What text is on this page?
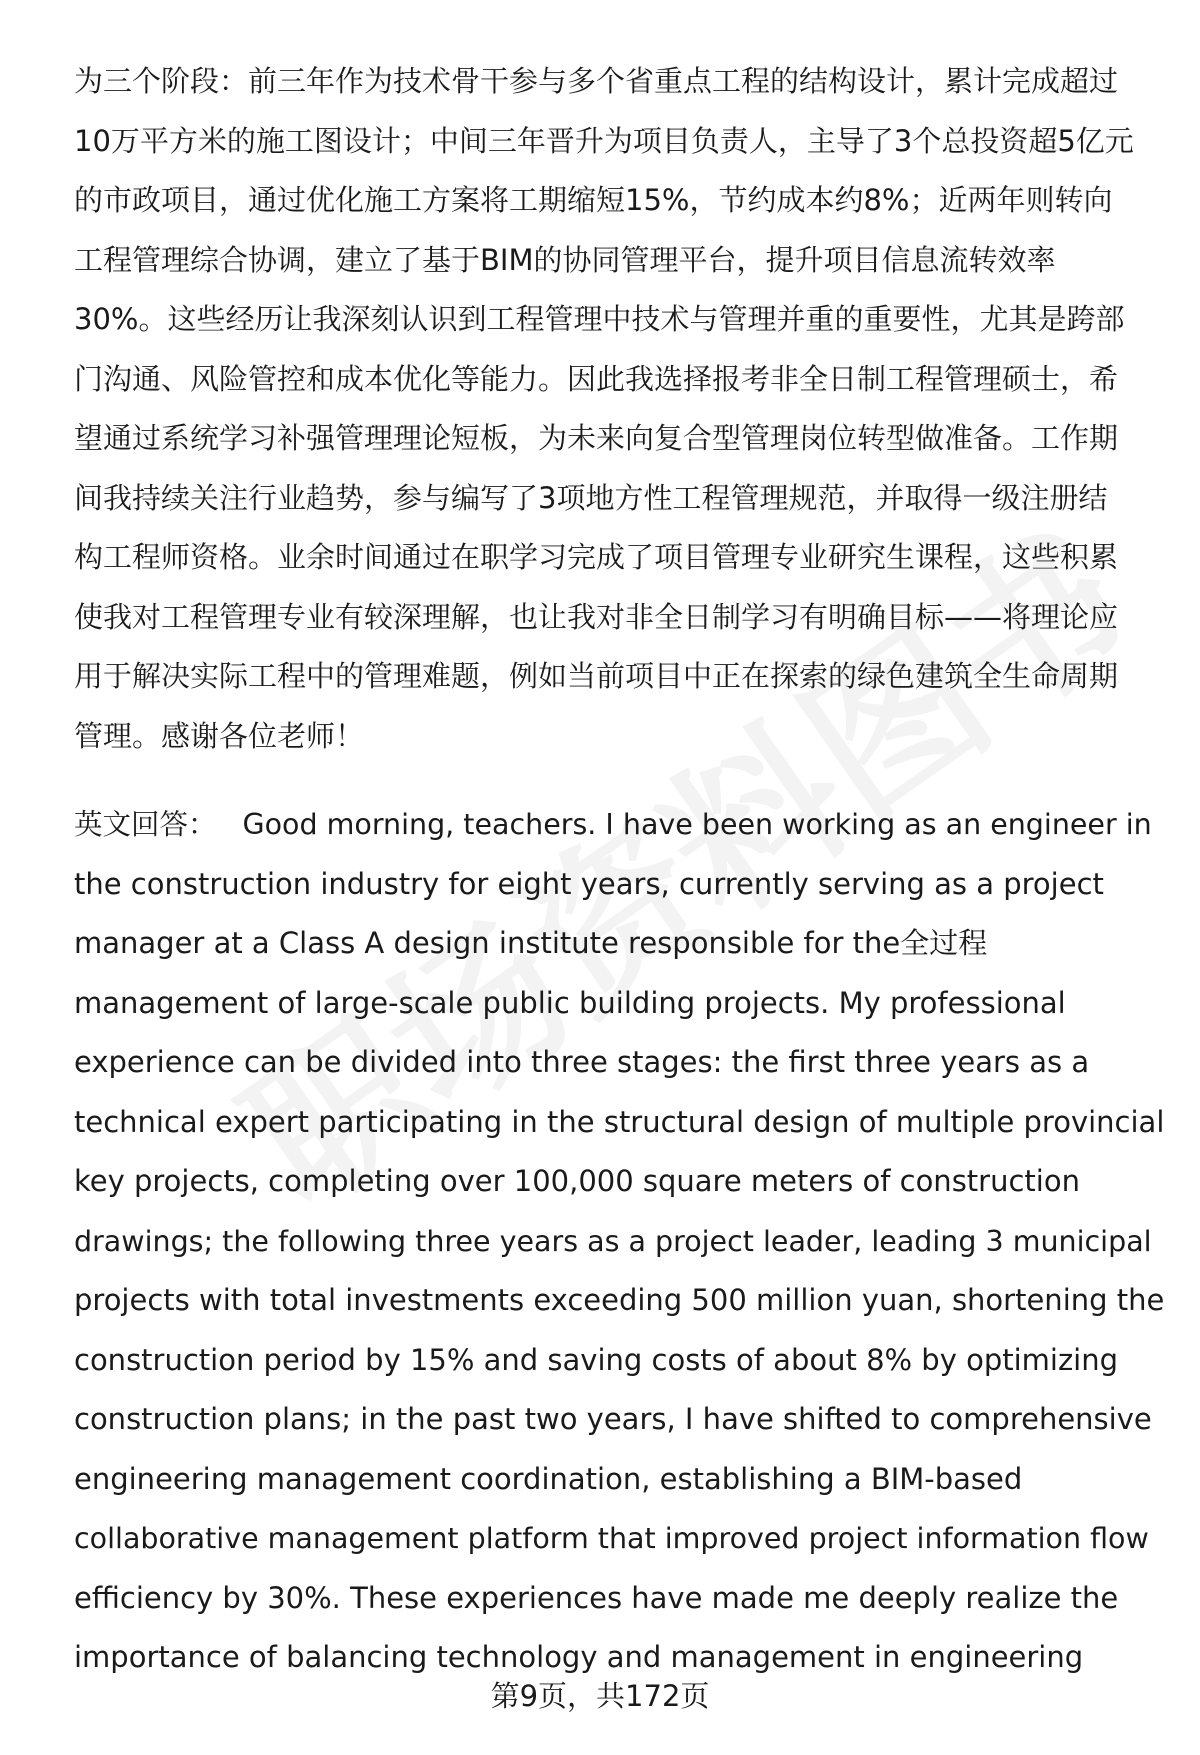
为三个阶段：前三年作为技术骨干参与多个省重点工程的结构设计，累计完成超过
10万平方米的施工图设计；中间三年晋升为项目负责人，主导了3个总投资超5亿元
的市政项目，通过优化施工方案将工期缩短15%，节约成本约8%；近两年则转向
工程管理综合协调，建立了基于BIM的协同管理平台，提升项目信息流转效率
30%。这些经历让我深刻认识到工程管理中技术与管理并重的重要性，尤其是跨部
门沟通、风险管控和成本优化等能力。因此我选择报考非全日制工程管理硕士，希
望通过系统学习补强管理理论短板，为未来向复合型管理岗位转型做准备。工作期
间我持续关注行业趋势，参与编写了3项地方性工程管理规范，并取得一级注册结
构工程师资格。业余时间通过在职学习完成了项目管理专业研究生课程，这些积累
使我对工程管理专业有较深理解，也让我对非全日制学习有明确目标——将理论应
用于解决实际工程中的管理难题，例如当前项目中正在探索的绿色建筑全生命周期
管理。感谢各位老师！
英文回答： Good morning, teachers. I have been working as an engineer in
the construction industry for eight years, currently serving as a project
manager at a Class A design institute responsible for the全过程
management of large-scale public building projects. My professional
experience can be divided into three stages: the first three years as a
technical expert participating in the structural design of multiple provincial
key projects, completing over 100,000 square meters of construction
drawings; the following three years as a project leader, leading 3 municipal
projects with total investments exceeding 500 million yuan, shortening the
construction period by 15% and saving costs of about 8% by optimizing
construction plans; in the past two years, I have shifted to comprehensive
engineering management coordination, establishing a BIM-based
collaborative management platform that improved project information flow
efficiency by 30%. These experiences have made me deeply realize the
importance of balancing technology and management in engineering
第9页，共172页
